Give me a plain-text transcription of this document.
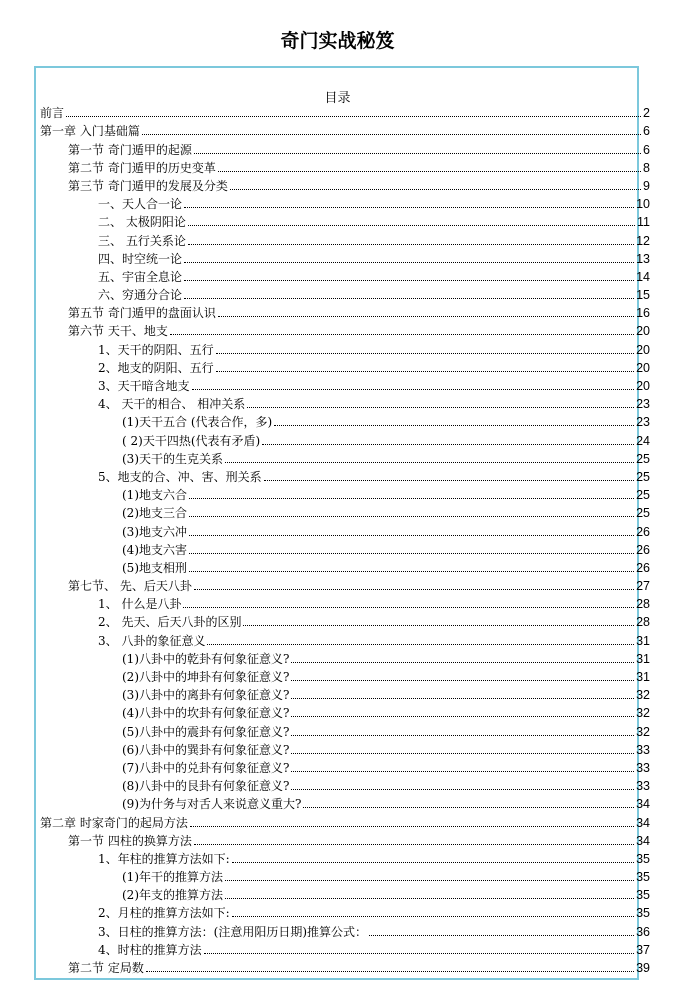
奇门实战秘笈
目录
前言	2
第一章 入门基础篇	6
第一节 奇门遁甲的起源	6
第二节 奇门遁甲的历史变革	8
第三节 奇门遁甲的发展及分类	9
一、天人合一论	10
二、 太极阴阳论	11
三、 五行关系论	12
四、时空统一论	13
五、宇宙全息论	14
六、穷通分合论	15
第五节 奇门遁甲的盘面认识	16
第六节 天干、地支	20
1、天干的阴阳、五行	20
2、地支的阴阳、五行	20
3、天干暗含地支	20
4、 天干的相合、 相冲关系	23
(1)天干五合 (代表合作，多)	23
( 2)天干四热(代表有矛盾)	24
(3)天干的生克关系	25
5、地支的合、冲、害、刑关系	25
(1)地支六合	25
(2)地支三合	25
(3)地支六冲	26
(4)地支六害	26
(5)地支相刑	26
第七节、 先、后天八卦	27
1、 什么是八卦	28
2、 先天、后天八卦的区别	28
3、 八卦的象征意义	31
(1)八卦中的乾卦有何象征意义?	31
(2)八卦中的坤卦有何象征意义?	31
(3)八卦中的离卦有何象征意义?	32
(4)八卦中的坎卦有何象征意义?	32
(5)八卦中的震卦有何象征意义?	32
(6)八卦中的巽卦有何象征意义?	33
(7)八卦中的兑卦有何象征意义?	33
(8)八卦中的艮卦有何象征意义?	33
(9)为什务与对舌人来说意义重大?	34
第二章 时家奇门的起局方法	34
第一节 四柱的换算方法	34
1、年柱的推算方法如下:	35
(1)年干的推算方法	35
(2)年支的推算方法	35
2、月柱的推算方法如下:	35
3、日柱的推算方法：(注意用阳历日期)推算公式：	36
4、时柱的推算方法	37
第二节 定局数	39
